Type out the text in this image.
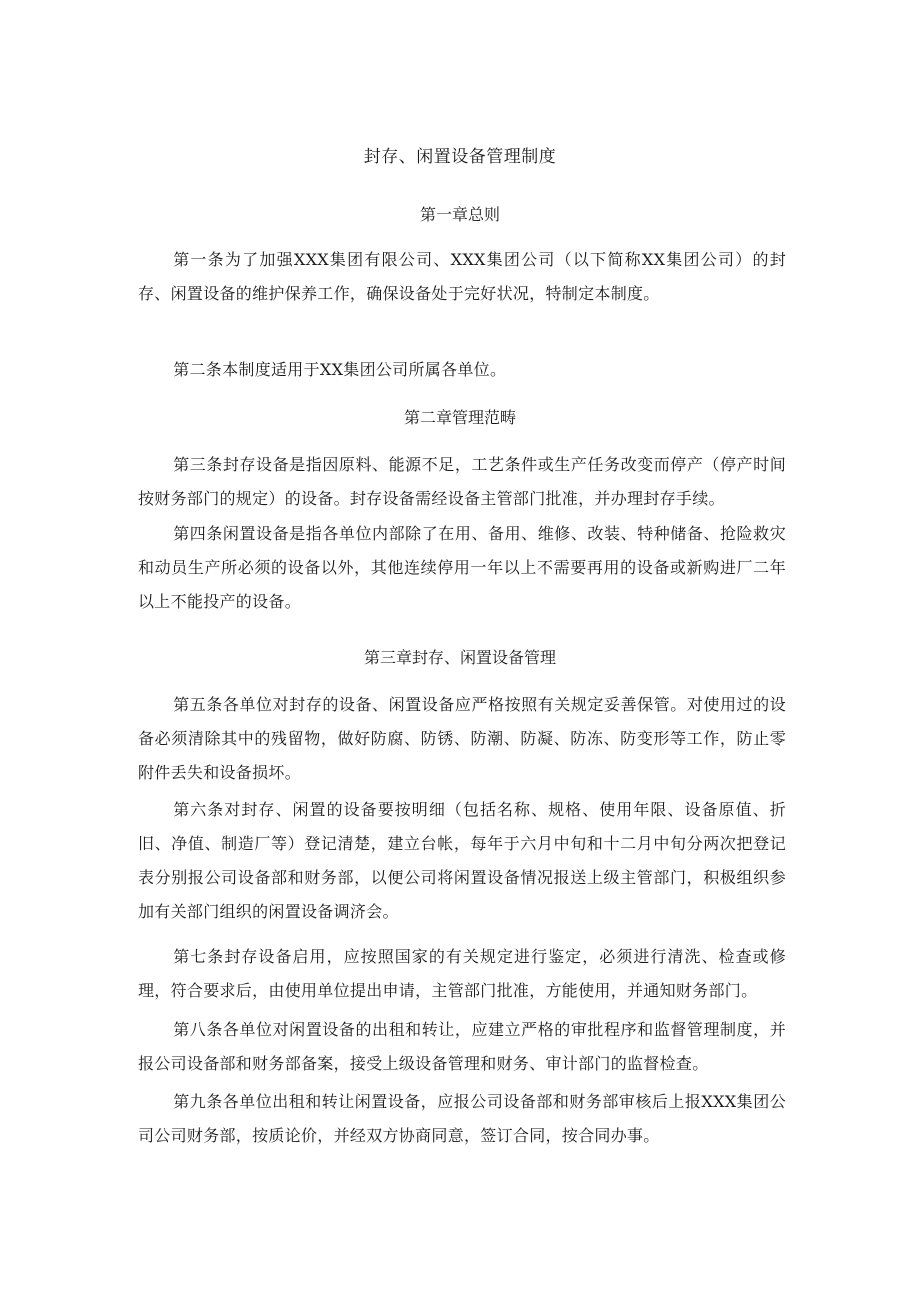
封存、闲置设备管理制度
第一章总则

第一条为了加强XXX集团有限公司、XXX集团公司（以下简称XX集团公司）的封存、闲置设备的维护保养工作，确保设备处于完好状况，特制定本制度。

第二条本制度适用于XX集团公司所属各单位。

第二章管理范畴

第三条封存设备是指因原料、能源不足，工艺条件或生产任务改变而停产（停产时间按财务部门的规定）的设备。封存设备需经设备主管部门批准，并办理封存手续。

第四条闲置设备是指各单位内部除了在用、备用、维修、改装、特种储备、抢险救灾和动员生产所必须的设备以外，其他连续停用一年以上不需要再用的设备或新购进厂二年以上不能投产的设备。

第三章封存、闲置设备管理

第五条各单位对封存的设备、闲置设备应严格按照有关规定妥善保管。对使用过的设备必须清除其中的残留物，做好防腐、防锈、防潮、防凝、防冻、防变形等工作，防止零附件丢失和设备损坏。

第六条对封存、闲置的设备要按明细（包括名称、规格、使用年限、设备原值、折旧、净值、制造厂等）登记清楚，建立台帐，每年于六月中旬和十二月中旬分两次把登记表分别报公司设备部和财务部，以便公司将闲置设备情况报送上级主管部门，积极组织参加有关部门组织的闲置设备调济会。

第七条封存设备启用，应按照国家的有关规定进行鉴定，必须进行清洗、检查或修理，符合要求后，由使用单位提出申请，主管部门批准，方能使用，并通知财务部门。

第八条各单位对闲置设备的出租和转让，应建立严格的审批程序和监督管理制度，并报公司设备部和财务部备案，接受上级设备管理和财务、审计部门的监督检查。

第九条各单位出租和转让闲置设备，应报公司设备部和财务部审核后上报XXX集团公司公司财务部，按质论价，并经双方协商同意，签订合同，按合同办事。
